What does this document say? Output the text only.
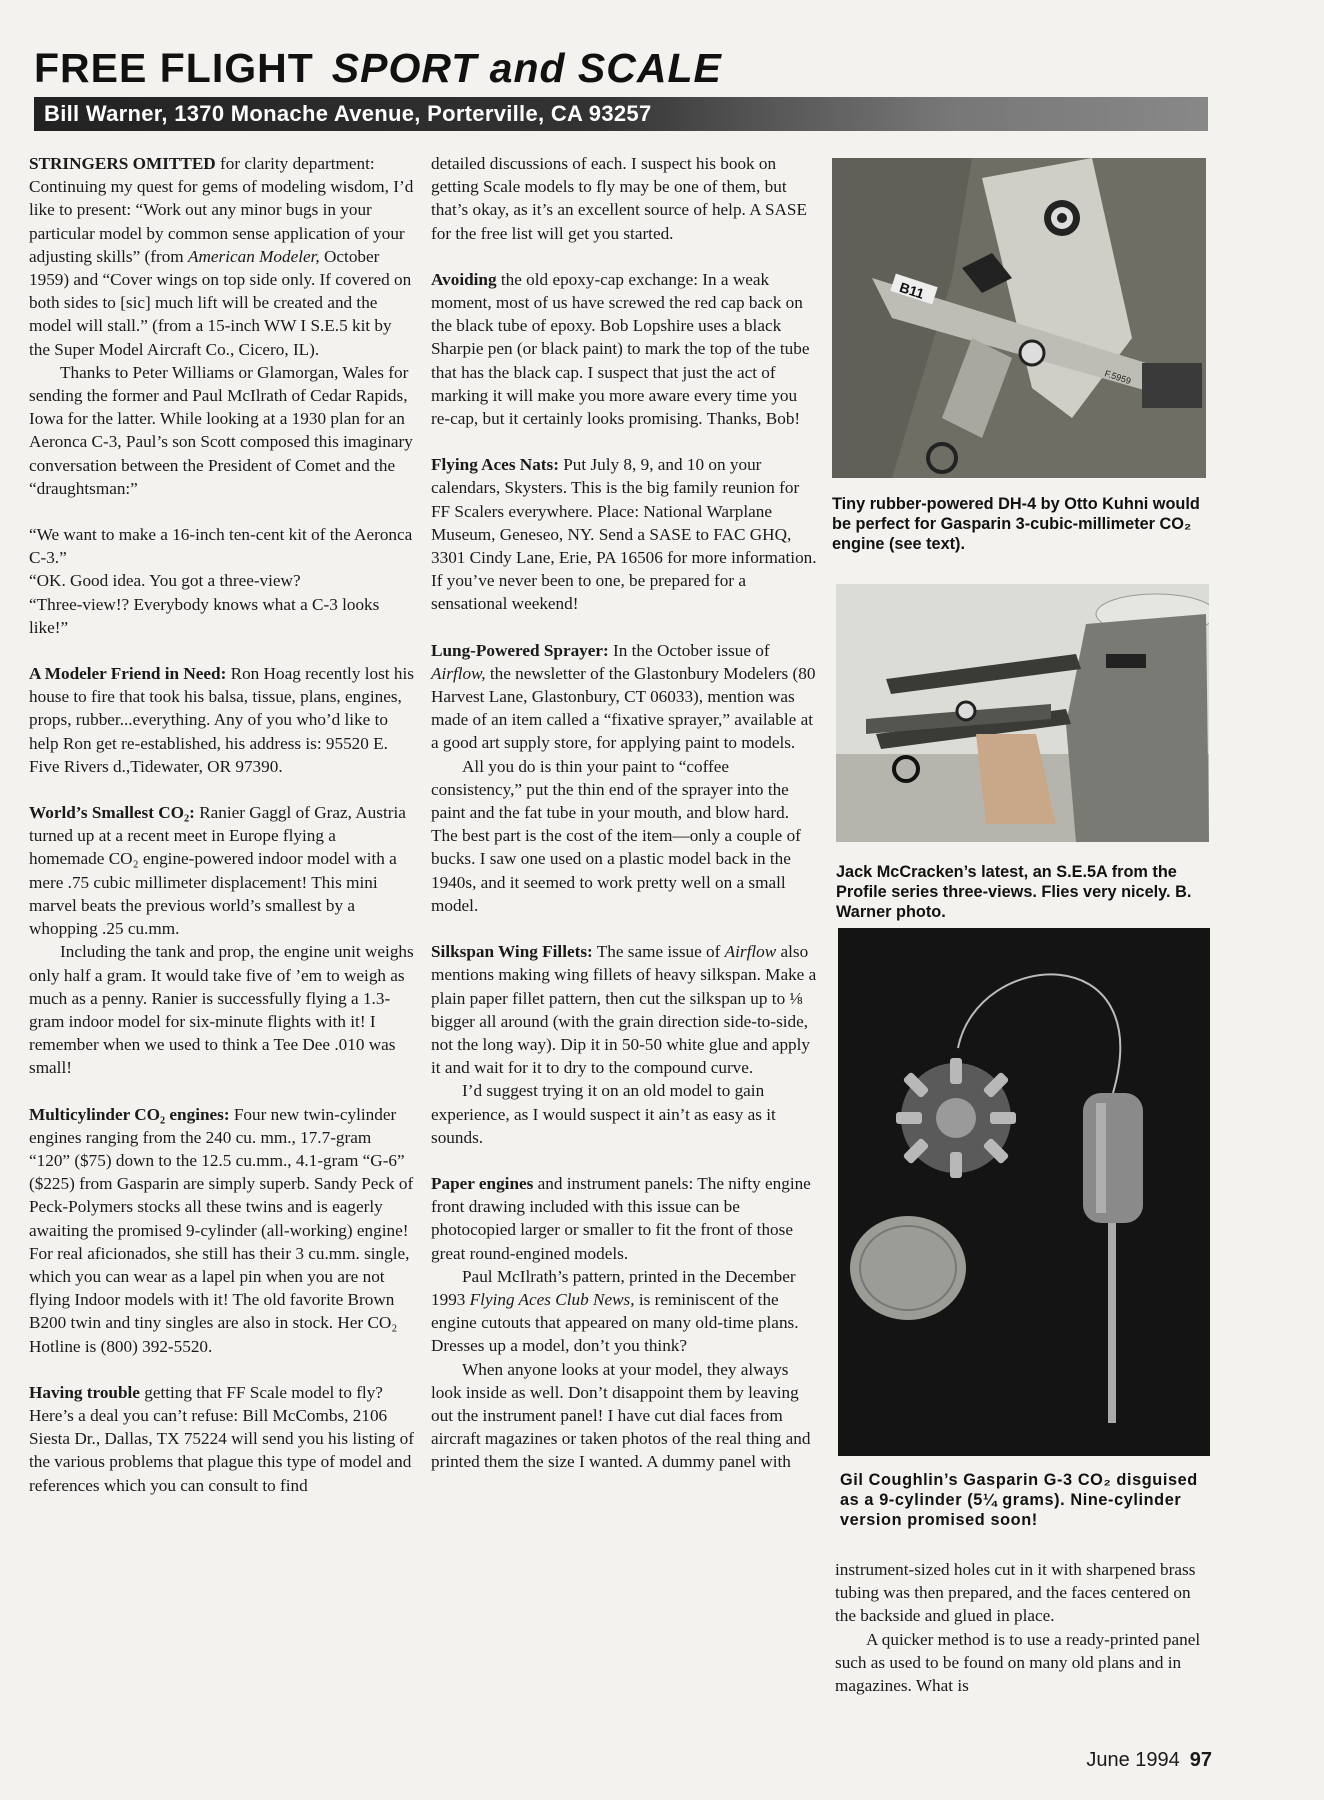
FREE FLIGHT SPORT and SCALE
Bill Warner, 1370 Monache Avenue, Porterville, CA 93257

STRINGERS OMITTED for clarity department: Continuing my quest for gems of modeling wisdom, I’d like to present: “Work out any minor bugs in your particular model by common sense application of your adjusting skills” (from American Modeler, October 1959) and “Cover wings on top side only. If covered on both sides to [sic] much lift will be created and the model will stall.” (from a 15-inch WW I S.E.5 kit by the Super Model Aircraft Co., Cicero, IL).

Thanks to Peter Williams or Glamorgan, Wales for sending the former and Paul McIlrath of Cedar Rapids, Iowa for the latter. While looking at a 1930 plan for an Aeronca C-3, Paul’s son Scott composed this imaginary conversation between the President of Comet and the “draughtsman:”

“We want to make a 16-inch ten-cent kit of the Aeronca C-3.”

“OK. Good idea. You got a three-view?

“Three-view!? Everybody knows what a C-3 looks like!”

A Modeler Friend in Need: Ron Hoag recently lost his house to fire that took his balsa, tissue, plans, engines, props, rubber...everything. Any of you who’d like to help Ron get re-established, his address is: 95520 E. Five Rivers d.,Tidewater, OR 97390.

World’s Smallest CO₂: Ranier Gaggl of Graz, Austria turned up at a recent meet in Europe flying a homemade CO₂ engine-powered indoor model with a mere .75 cubic millimeter displacement! This mini marvel beats the previous world’s smallest by a whopping .25 cu.mm.

Including the tank and prop, the engine unit weighs only half a gram. It would take five of ’em to weigh as much as a penny. Ranier is successfully flying a 1.3-gram indoor model for six-minute flights with it! I remember when we used to think a Tee Dee .010 was small!

Multicylinder CO₂ engines: Four new twin-cylinder engines ranging from the 240 cu. mm., 17.7-gram “120” ($75) down to the 12.5 cu.mm., 4.1-gram “G-6” ($225) from Gasparin are simply superb. Sandy Peck of Peck-Polymers stocks all these twins and is eagerly awaiting the promised 9-cylinder (all-working) engine! For real aficionados, she still has their 3 cu.mm. single, which you can wear as a lapel pin when you are not flying Indoor models with it! The old favorite Brown B200 twin and tiny singles are also in stock. Her CO₂ Hotline is (800) 392-5520.

Having trouble getting that FF Scale model to fly? Here’s a deal you can’t refuse: Bill McCombs, 2106 Siesta Dr., Dallas, TX 75224 will send you his listing of the various problems that plague this type of model and references which you can consult to find

detailed discussions of each. I suspect his book on getting Scale models to fly may be one of them, but that’s okay, as it’s an excellent source of help. A SASE for the free list will get you started.

Avoiding the old epoxy-cap exchange: In a weak moment, most of us have screwed the red cap back on the black tube of epoxy. Bob Lopshire uses a black Sharpie pen (or black paint) to mark the top of the tube that has the black cap. I suspect that just the act of marking it will make you more aware every time you re-cap, but it certainly looks promising. Thanks, Bob!

Flying Aces Nats: Put July 8, 9, and 10 on your calendars, Skysters. This is the big family reunion for FF Scalers everywhere. Place: National Warplane Museum, Geneseo, NY. Send a SASE to FAC GHQ, 3301 Cindy Lane, Erie, PA 16506 for more information. If you’ve never been to one, be prepared for a sensational weekend!

Lung-Powered Sprayer: In the October issue of Airflow, the newsletter of the Glastonbury Modelers (80 Harvest Lane, Glastonbury, CT 06033), mention was made of an item called a “fixative sprayer,” available at a good art supply store, for applying paint to models.

All you do is thin your paint to “coffee consistency,” put the thin end of the sprayer into the paint and the fat tube in your mouth, and blow hard. The best part is the cost of the item—only a couple of bucks. I saw one used on a plastic model back in the 1940s, and it seemed to work pretty well on a small model.

Silkspan Wing Fillets: The same issue of Airflow also mentions making wing fillets of heavy silkspan. Make a plain paper fillet pattern, then cut the silkspan up to ⅛ bigger all around (with the grain direction side-to-side, not the long way). Dip it in 50-50 white glue and apply it and wait for it to dry to the compound curve.

I’d suggest trying it on an old model to gain experience, as I would suspect it ain’t as easy as it sounds.

Paper engines and instrument panels: The nifty engine front drawing included with this issue can be photocopied larger or smaller to fit the front of those great round-engined models.

Paul McIlrath’s pattern, printed in the December 1993 Flying Aces Club News, is reminiscent of the engine cutouts that appeared on many old-time plans. Dresses up a model, don’t you think?

When anyone looks at your model, they always look inside as well. Don’t disappoint them by leaving out the instrument panel! I have cut dial faces from aircraft magazines or taken photos of the real thing and printed them the size I wanted. A dummy panel with

B11
F.5959
Tiny rubber-powered DH-4 by Otto Kuhni would be perfect for Gasparin 3-cubic-millimeter CO₂ engine (see text).
Jack McCracken’s latest, an S.E.5A from the Profile series three-views. Flies very nicely. B. Warner photo.
Gil Coughlin’s Gasparin G-3 CO₂ disguised as a 9-cylinder (5¼ grams). Nine-cylinder version promised soon!

instrument-sized holes cut in it with sharpened brass tubing was then prepared, and the faces centered on the backside and glued in place.

A quicker method is to use a ready-printed panel such as used to be found on many old plans and in magazines. What is

June 1994 97
